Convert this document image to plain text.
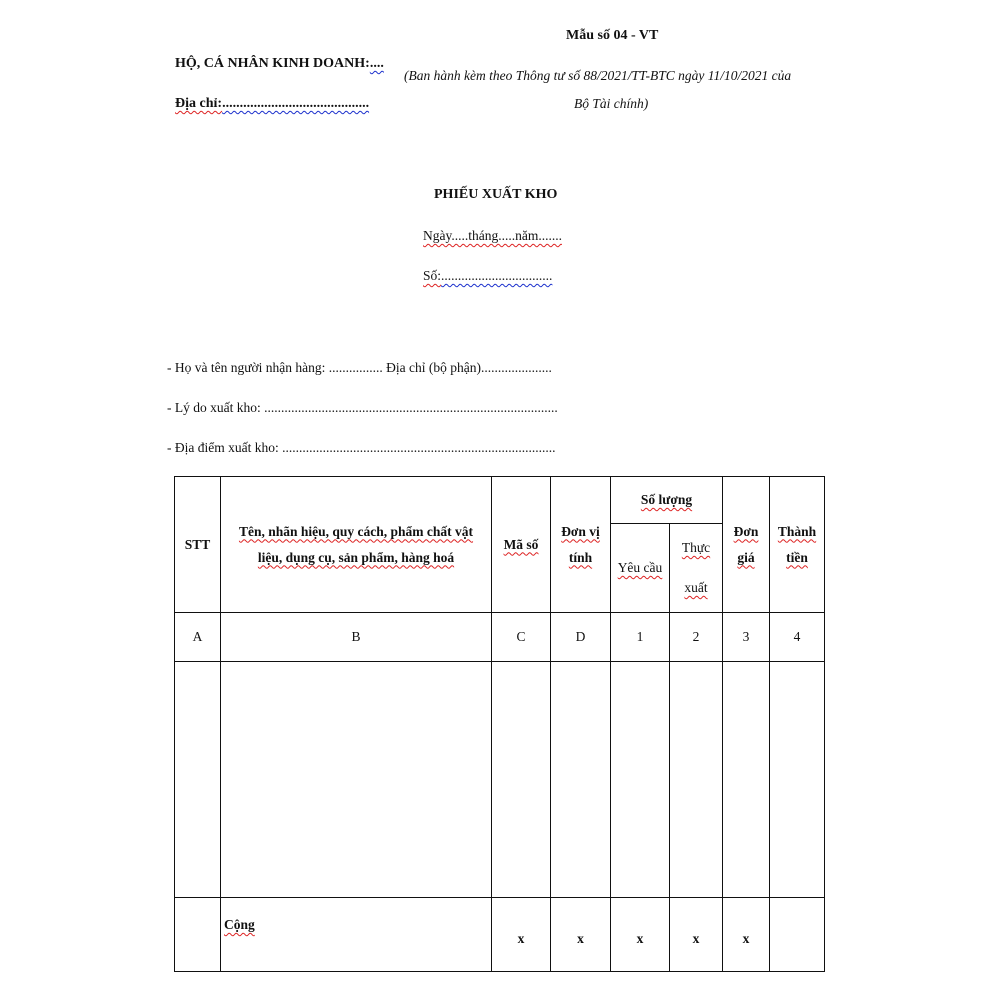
Mẫu số 04 - VT
HỘ, CÁ NHÂN KINH DOANH:....
(Ban hành kèm theo Thông tư số 88/2021/TT-BTC ngày 11/10/2021 của
Bộ Tài chính)
Địa chỉ:..........................................
PHIẾU XUẤT KHO
Ngày.....tháng.....năm.......
Số:.................................
- Họ và tên người nhận hàng: ................ Địa chỉ (bộ phận).....................
- Lý do xuất kho: .......................................................................................
- Địa điểm xuất kho: .................................................................................
STT	Tên, nhãn hiệu, quy cách, phẩm chất vật liệu, dụng cụ, sản phẩm, hàng hoá	Mã số	Đơn vị tính	Số lượng		Đơn giá	Thành tiền
				Yêu cầu	Thực xuất		
A	B	C	D	1	2	3	4

	Cộng	x	x	x	x	x	
